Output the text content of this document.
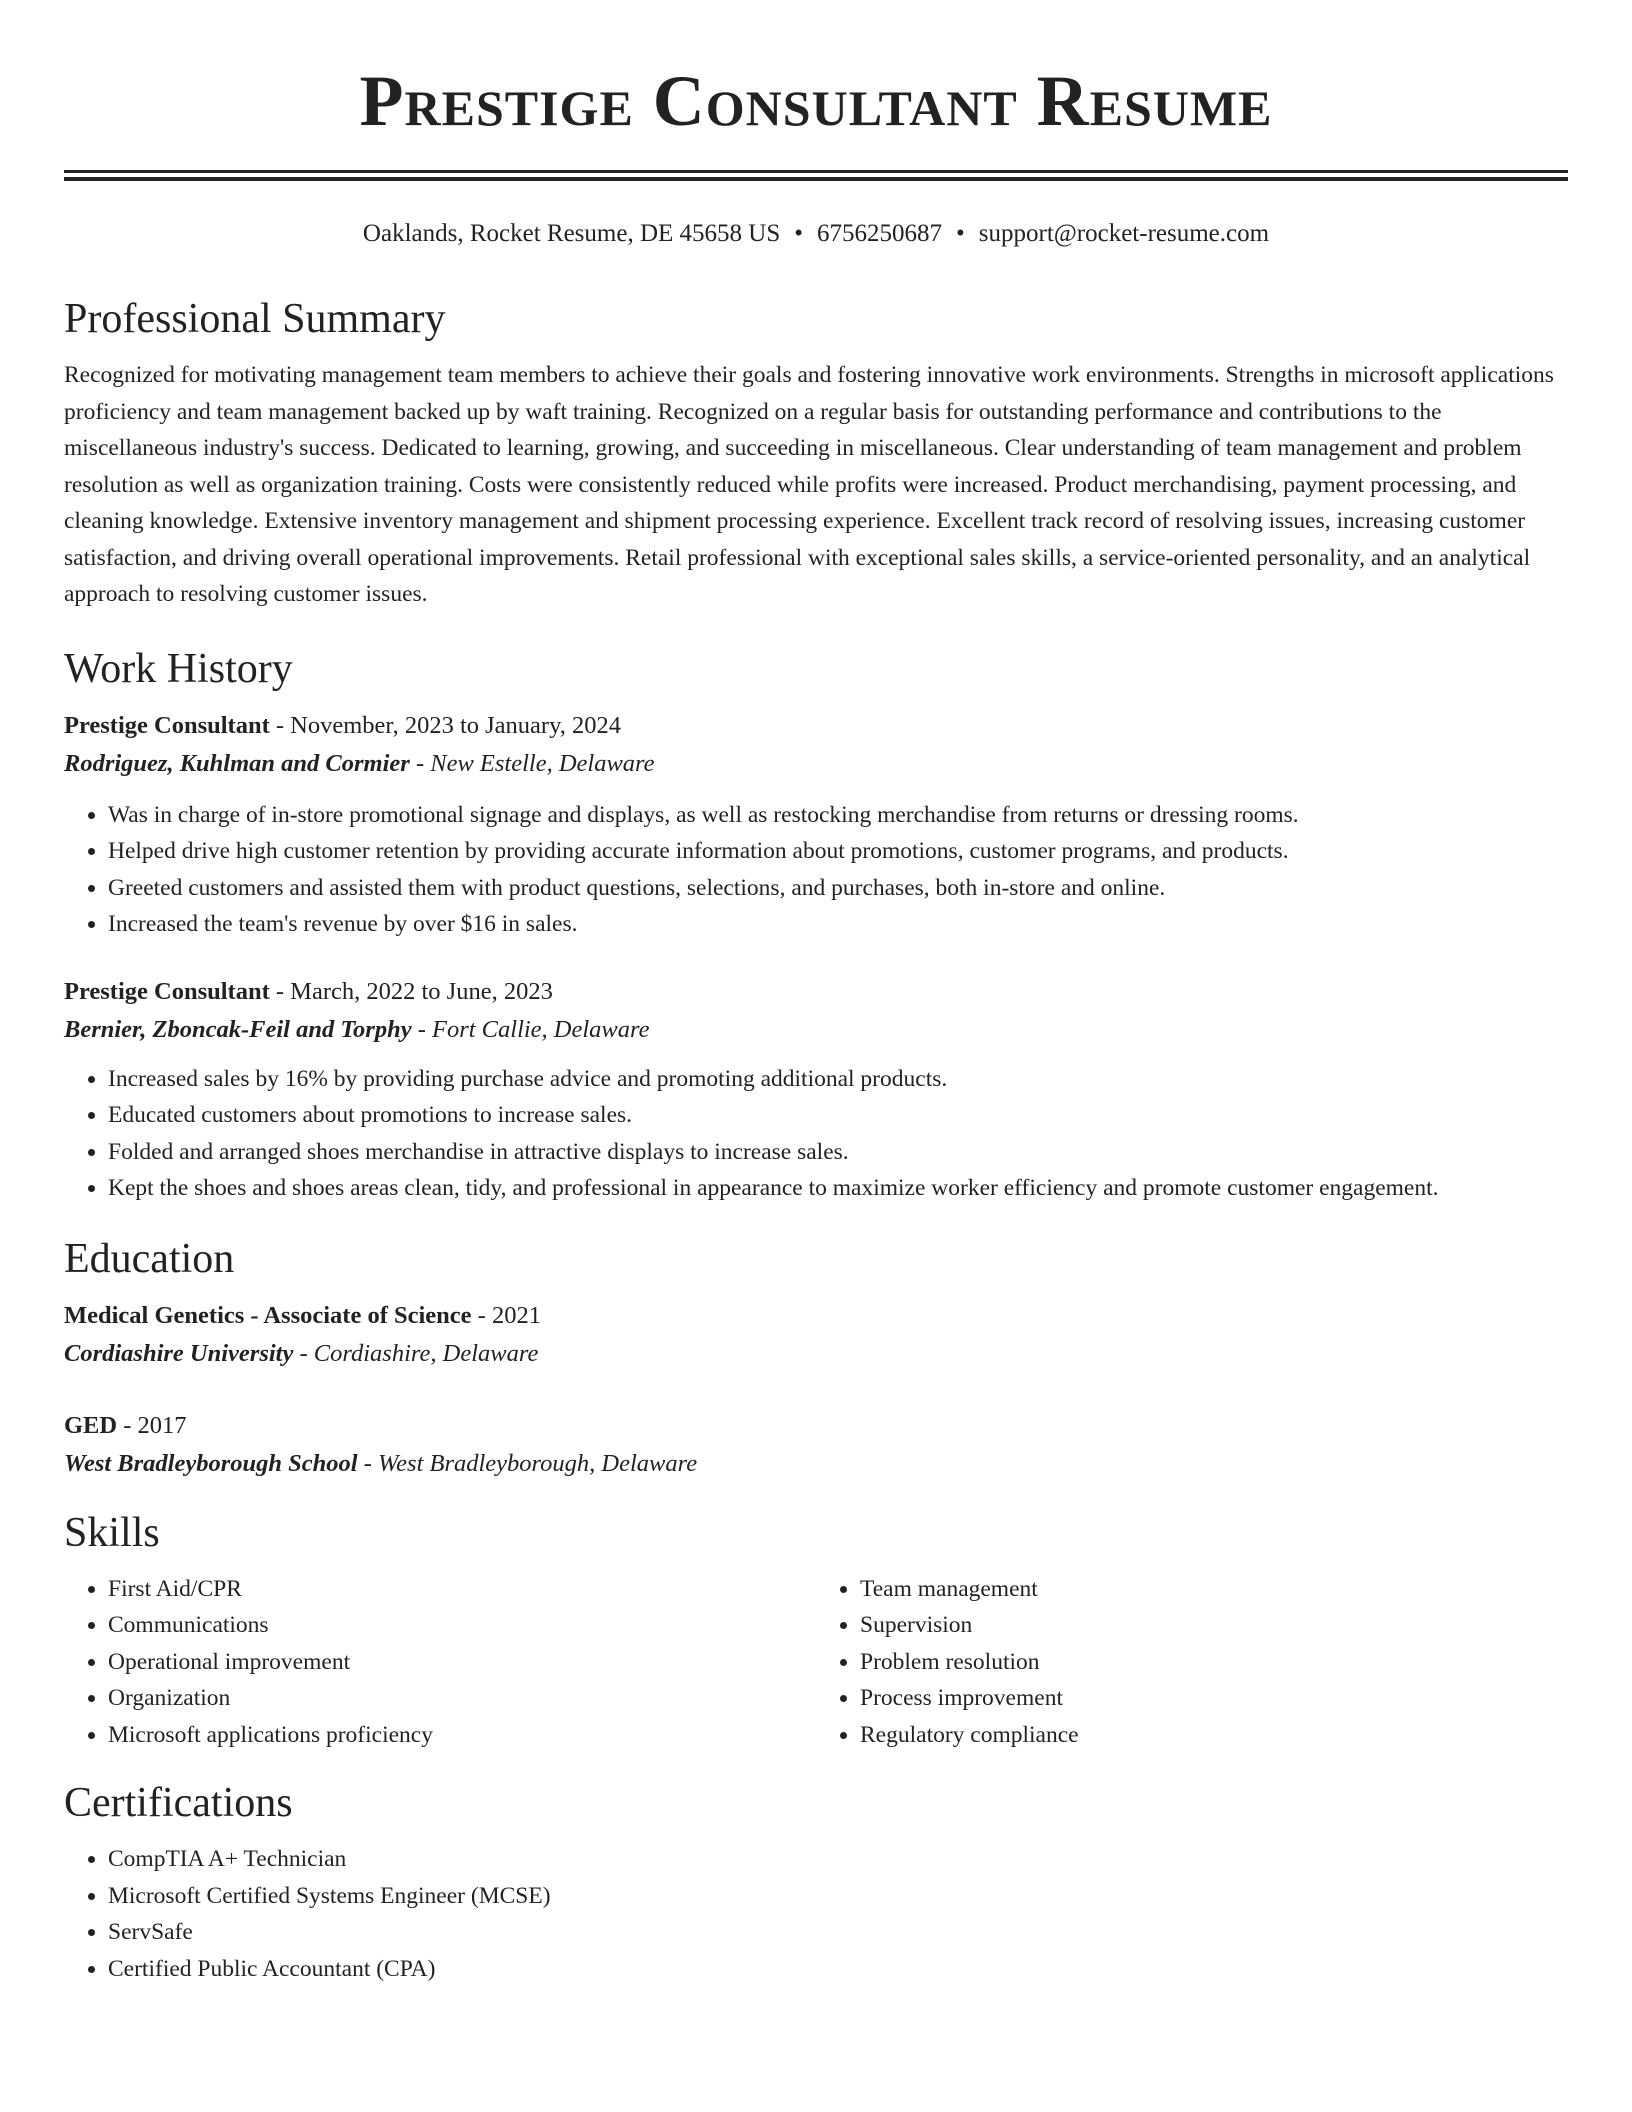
Prestige Consultant Resume
Oaklands, Rocket Resume, DE 45658 US • 6756250687 • support@rocket-resume.com
Professional Summary

Recognized for motivating management team members to achieve their goals and fostering innovative work environments. Strengths in microsoft applications proficiency and team management backed up by waft training. Recognized on a regular basis for outstanding performance and contributions to the miscellaneous industry's success. Dedicated to learning, growing, and succeeding in miscellaneous. Clear understanding of team management and problem resolution as well as organization training. Costs were consistently reduced while profits were increased. Product merchandising, payment processing, and cleaning knowledge. Extensive inventory management and shipment processing experience. Excellent track record of resolving issues, increasing customer satisfaction, and driving overall operational improvements. Retail professional with exceptional sales skills, a service-oriented personality, and an analytical approach to resolving customer issues.

Work History
Prestige Consultant - November, 2023 to January, 2024
Rodriguez, Kuhlman and Cormier - New Estelle, Delaware
• Was in charge of in-store promotional signage and displays, as well as restocking merchandise from returns or dressing rooms.
• Helped drive high customer retention by providing accurate information about promotions, customer programs, and products.
• Greeted customers and assisted them with product questions, selections, and purchases, both in-store and online.
• Increased the team's revenue by over $16 in sales.
Prestige Consultant - March, 2022 to June, 2023
Bernier, Zboncak-Feil and Torphy - Fort Callie, Delaware
• Increased sales by 16% by providing purchase advice and promoting additional products.
• Educated customers about promotions to increase sales.
• Folded and arranged shoes merchandise in attractive displays to increase sales.
• Kept the shoes and shoes areas clean, tidy, and professional in appearance to maximize worker efficiency and promote customer engagement.
Education
Medical Genetics - Associate of Science - 2021
Cordiashire University - Cordiashire, Delaware
GED - 2017
West Bradleyborough School - West Bradleyborough, Delaware
Skills
• First Aid/CPR
• Communications
• Operational improvement
• Organization
• Microsoft applications proficiency
• Team management
• Supervision
• Problem resolution
• Process improvement
• Regulatory compliance
Certifications
• CompTIA A+ Technician
• Microsoft Certified Systems Engineer (MCSE)
• ServSafe
• Certified Public Accountant (CPA)
